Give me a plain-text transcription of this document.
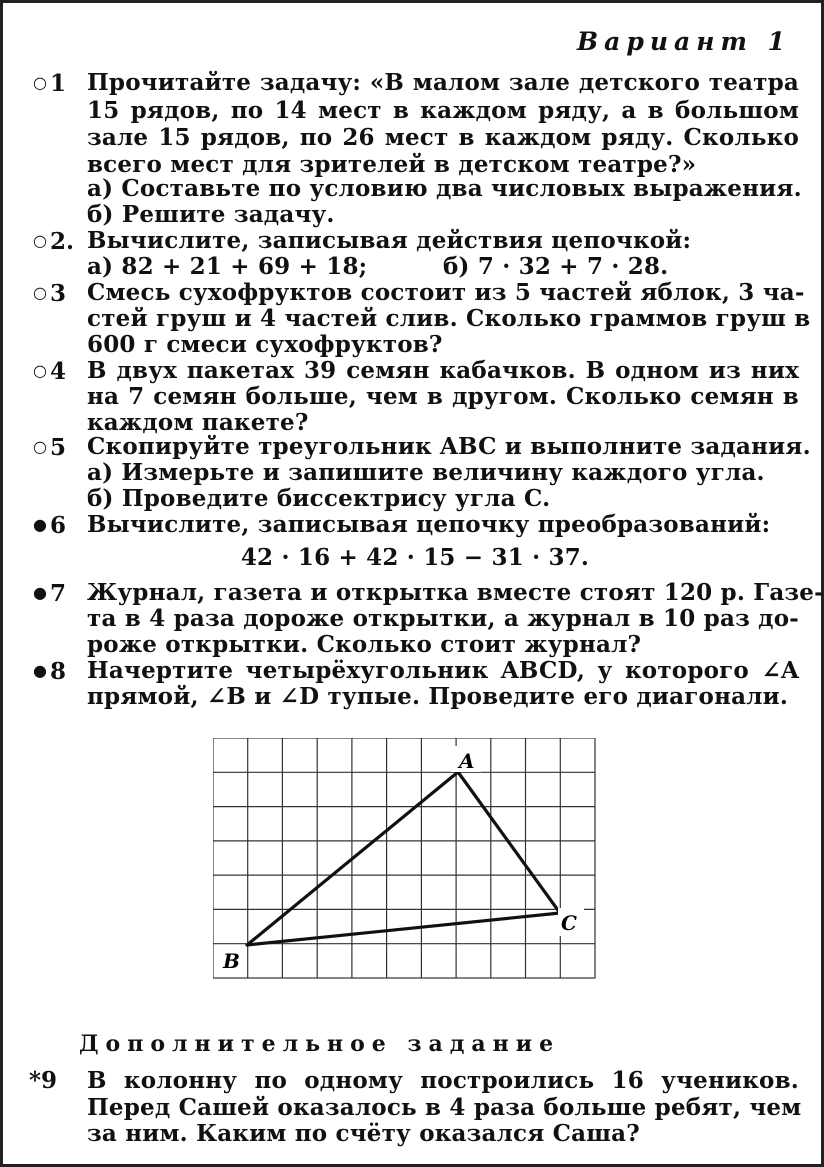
Вариант 1
○ 1 Прочитайте задачу: «В малом зале детского театра
15 рядов, по 14 мест в каждом ряду, а в большом
зале 15 рядов, по 26 мест в каждом ряду. Сколько
всего мест для зрителей в детском театре?»
а) Составьте по условию два числовых выражения.
б) Решите задачу.
○ 2. Вычислите, записывая действия цепочкой:
а) 82 + 21 + 69 + 18;	б) 7 · 32 + 7 · 28.
○ 3 Смесь сухофруктов состоит из 5 частей яблок, 3 ча-
стей груш и 4 частей слив. Сколько граммов груш в
600 г смеси сухофруктов?
○ 4 В двух пакетах 39 семян кабачков. В одном из них
на 7 семян больше, чем в другом. Сколько семян в
каждом пакете?
○ 5 Скопируйте треугольник ABC и выполните задания.
а) Измерьте и запишите величину каждого угла.
б) Проведите биссектрису угла C.
● 6 Вычислите, записывая цепочку преобразований:
42 · 16 + 42 · 15 − 31 · 37.
● 7 Журнал, газета и открытка вместе стоят 120 р. Газе-
та в 4 раза дороже открытки, а журнал в 10 раз до-
роже открытки. Сколько стоит журнал?
● 8 Начертите четырёхугольник ABCD, у которого ∠A
прямой, ∠B и ∠D тупые. Проведите его диагонали.
A
C
B
Дополнительное задание
*9 В колонну по одному построились 16 учеников.
Перед Сашей оказалось в 4 раза больше ребят, чем
за ним. Каким по счёту оказался Саша?
